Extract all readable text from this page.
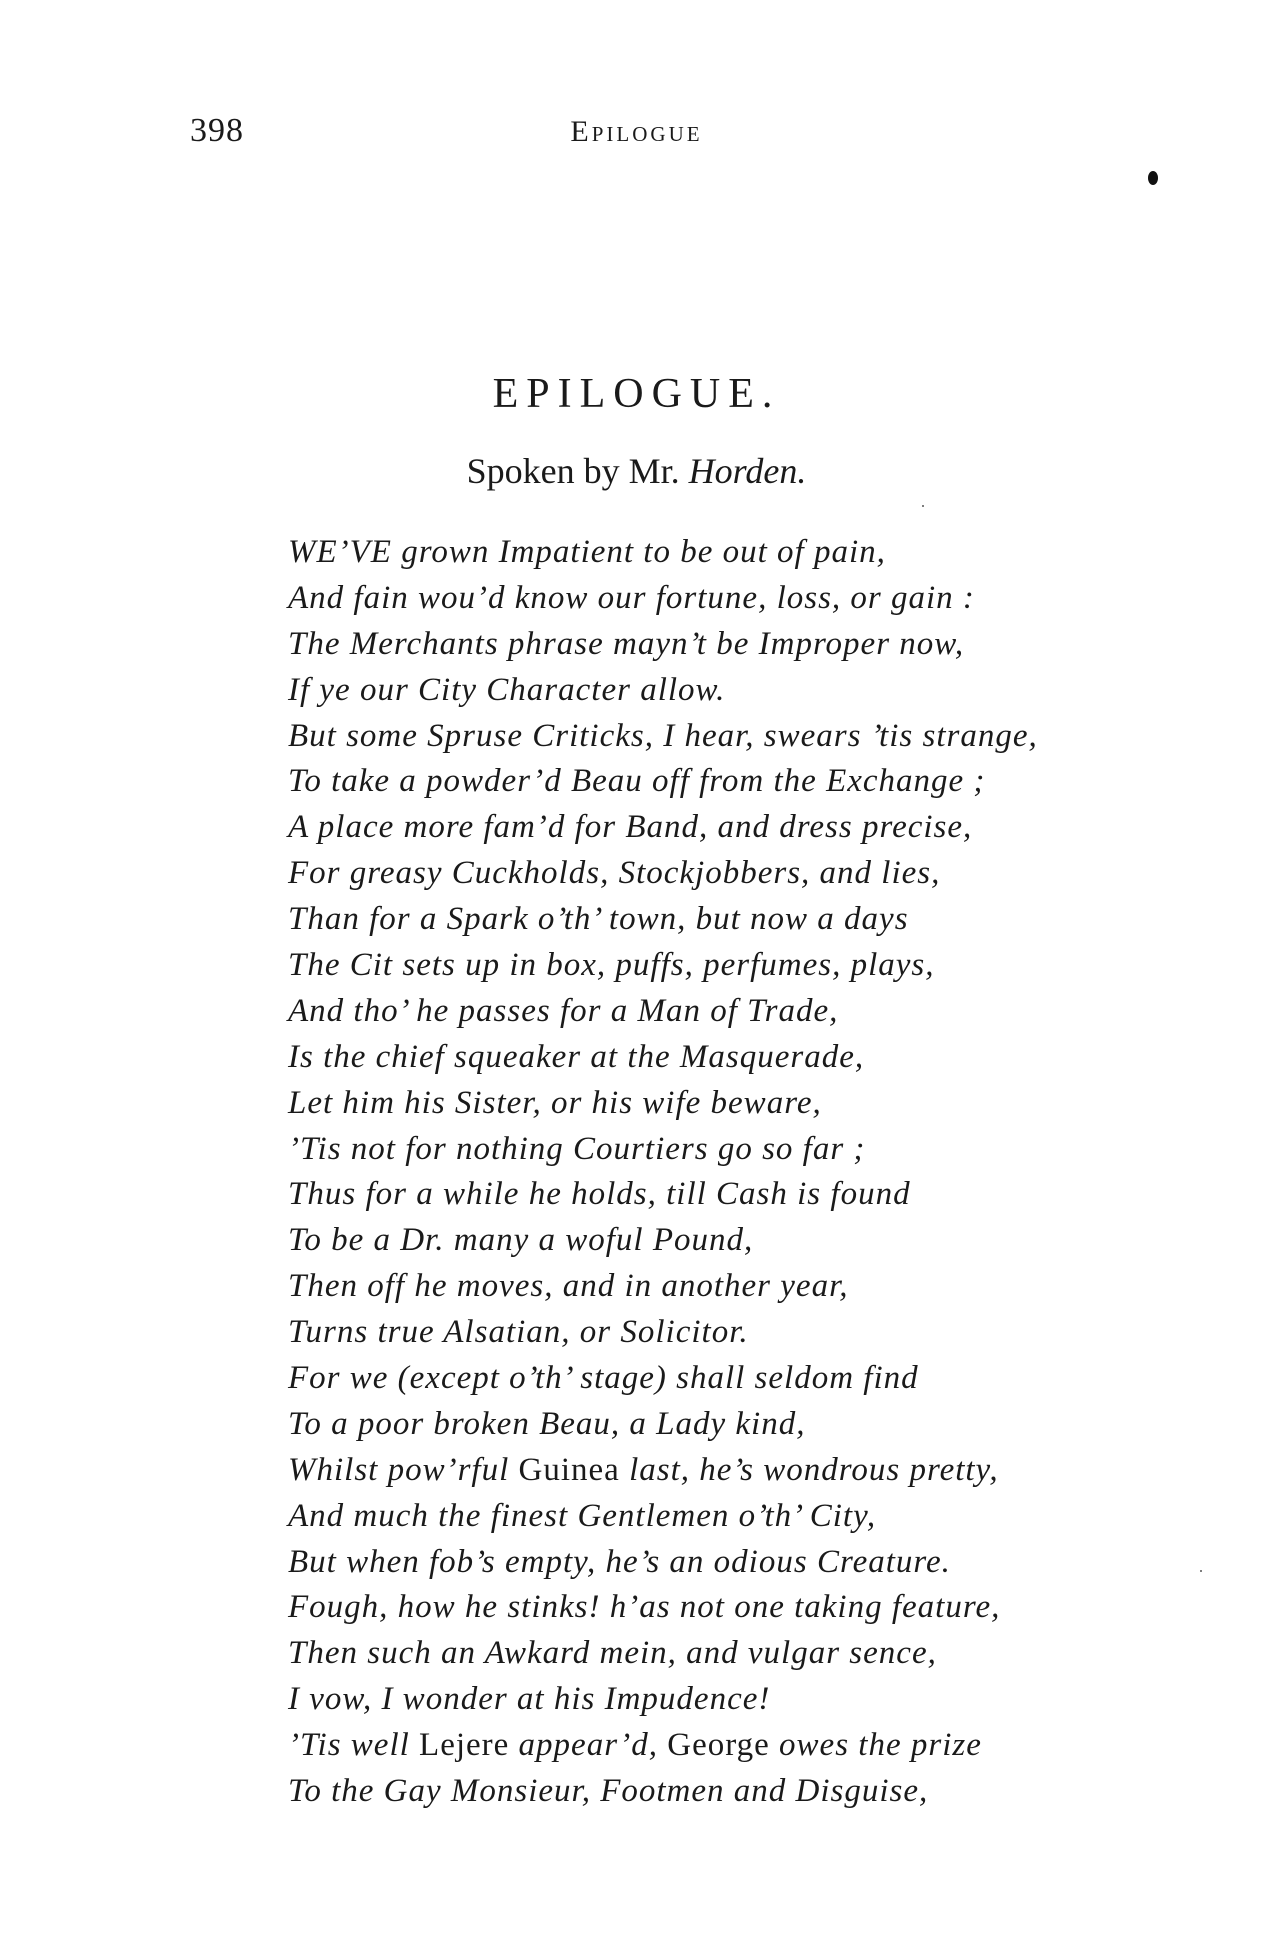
398	Epilogue
EPILOGUE.
Spoken by Mr. Horden.
WE’VE grown Impatient to be out of pain,
And fain wou’d know our fortune, loss, or gain :
The Merchants phrase mayn’t be Improper now,
If ye our City Character allow.
But some Spruse Criticks, I hear, swears ’tis strange,
To take a powder’d Beau off from the Exchange ;
A place more fam’d for Band, and dress precise,
For greasy Cuckholds, Stockjobbers, and lies,
Than for a Spark o’th’ town, but now a days
The Cit sets up in box, puffs, perfumes, plays,
And tho’ he passes for a Man of Trade,
Is the chief squeaker at the Masquerade,
Let him his Sister, or his wife beware,
’Tis not for nothing Courtiers go so far ;
Thus for a while he holds, till Cash is found
To be a Dr. many a woful Pound,
Then off he moves, and in another year,
Turns true Alsatian, or Solicitor.
For we (except o’th’ stage) shall seldom find
To a poor broken Beau, a Lady kind,
Whilst pow’rful Guinea last, he’s wondrous pretty,
And much the finest Gentlemen o’th’ City,
But when fob’s empty, he’s an odious Creature.
Fough, how he stinks! h’as not one taking feature,
Then such an Awkard mein, and vulgar sence,
I vow, I wonder at his Impudence!
’Tis well Lejere appear’d, George owes the prize
To the Gay Monsieur, Footmen and Disguise,
